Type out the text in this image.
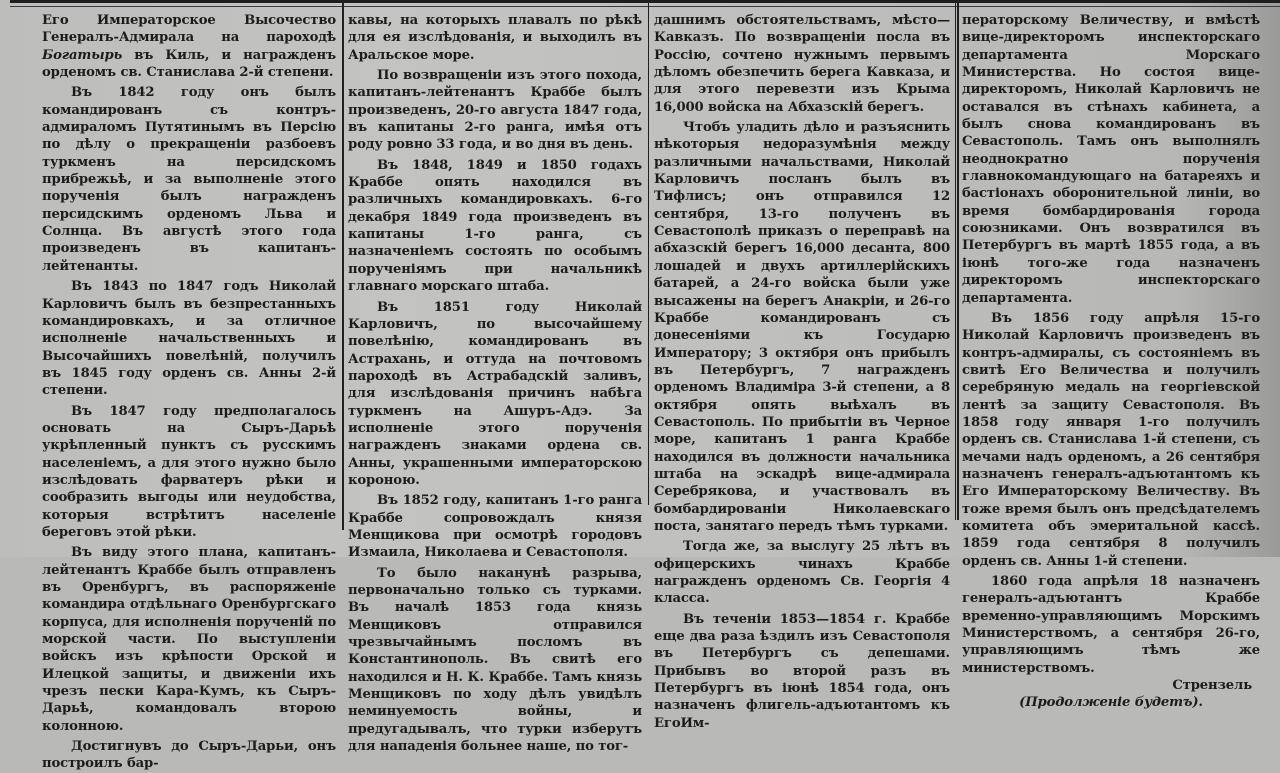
Его Императорское Высочество Генералъ-Адмирала на пароходѣ Богатырь въ Киль, и награжденъ орденомъ св. Станислава 2-й степени.

Въ 1842 году онъ былъ командированъ съ контръ-адмираломъ Путятинымъ въ Персію по дѣлу о прекращеніи разбоевъ туркменъ на персидскомъ прибрежьѣ, и за выполненіе этого порученія былъ награжденъ персидскимъ орденомъ Льва и Солнца. Въ августѣ этого года произведенъ въ капитанъ-лейтенанты.

Въ 1843 по 1847 годъ Николай Карловичъ былъ въ безпрестанныхъ командировкахъ, и за отличное исполненіе начальственныхъ и Высочайшихъ повелѣній, получилъ въ 1845 году орденъ св. Анны 2-й степени.

Въ 1847 году предполагалось основать на Сыръ-Дарьѣ укрѣпленный пунктъ съ русскимъ населеніемъ, а для этого нужно было изслѣдовать фарватеръ рѣки и сообразить выгоды или неудобства, которыя встрѣтитъ населеніе береговъ этой рѣки.

Въ виду этого плана, капитанъ-лейтенантъ Краббе былъ отправленъ въ Оренбургъ, въ распоряженіе командира отдѣльнаго Оренбургскаго корпуса, для исполненія порученій по морской части. По выступленіи войскъ изъ крѣпости Орской и Илецкой защиты, и движеніи ихъ чрезъ пески Кара-Кумъ, къ Сыръ-Дарьѣ, командовалъ второю колонною.

Достигнувъ до Сыръ-Дарьи, онъ построилъ бар-

кавы, на которыхъ плавалъ по рѣкѣ для ея изслѣдованія, и выходилъ въ Аральское море.

По возвращеніи изъ этого похода, капитанъ-лейтенантъ Краббе былъ произведенъ, 20-го августа 1847 года, въ капитаны 2-го ранга, имѣя отъ роду ровно 33 года, и во дня въ день.

Въ 1848, 1849 и 1850 годахъ Краббе опять находился въ различныхъ командировкахъ. 6-го декабря 1849 года произведенъ въ капитаны 1-го ранга, съ назначеніемъ состоять по особымъ порученіямъ при начальникѣ главнаго морскаго штаба.

Въ 1851 году Николай Карловичъ, по высочайшему повелѣнію, командированъ въ Астрахань, и оттуда на почтовомъ пароходѣ въ Астрабадскій заливъ, для изслѣдованія причинъ набѣга туркменъ на Ашуръ-Адэ. За исполненіе этого порученія награжденъ знаками ордена св. Анны, украшенными императорскою короною.

Въ 1852 году, капитанъ 1-го ранга Краббе сопровождалъ князя Менщикова при осмотрѣ городовъ Измаила, Николаева и Севастополя.

То было наканунѣ разрыва, первоначально только съ турками. Въ началѣ 1853 года князь Менщиковъ отправился чрезвычайнымъ посломъ въ Константинополь. Въ свитѣ его находился и Н. К. Краббе. Тамъ князь Менщиковъ по ходу дѣлъ увидѣлъ неминуемость войны, и предугадывалъ, что турки изберутъ для нападенія больнее наше, по тог-

дашнимъ обстоятельствамъ, мѣсто—Кавказъ. По возвращеніи посла въ Россію, сочтено нужнымъ первымъ дѣломъ обезпечить берега Кавказа, и для этого перевезти изъ Крыма 16,000 войска на Абхазскій берегъ.

Чтобъ уладить дѣло и разъяснить нѣкоторыя недоразумѣнія между различными начальствами, Николай Карловичъ посланъ былъ въ Тифлисъ; онъ отправился 12 сентября, 13-го полученъ въ Севастополѣ приказъ о переправѣ на абхазскій берегъ 16,000 десанта, 800 лошадей и двухъ артиллерійскихъ батарей, а 24-го войска были уже высажены на берегъ Анакріи, и 26-го Краббе командированъ съ донесеніями къ Государю Императору; 3 октября онъ прибылъ въ Петербургъ, 7 награжденъ орденомъ Владиміра 3-й степени, а 8 октября опять выѣхалъ въ Севастополь. По прибытіи въ Черное море, капитанъ 1 ранга Краббе находился въ должности начальника штаба на эскадрѣ вице-адмирала Серебрякова, и участвовалъ въ бомбардированіи Николаевскаго поста, занятаго передъ тѣмъ турками.

Тогда же, за выслугу 25 лѣтъ въ офицерскихъ чинахъ Краббе награжденъ орденомъ Св. Георгія 4 класса.

Въ теченіи 1853—1854 г. Краббе еще два раза ѣздилъ изъ Севастополя въ Петербургъ съ депешами. Прибывъ во второй разъ въ Петербургъ въ іюнѣ 1854 года, онъ назначенъ флигель-адъютантомъ къ ЕгоИм-

ператорскому Величеству, и вмѣстѣ вице-директоромъ инспекторскаго департамента Морскаго Министерства. Но состоя вице-директоромъ, Николай Карловичъ не оставался въ стѣнахъ кабинета, а былъ снова командированъ въ Севастополь. Тамъ онъ выполнялъ неоднократно порученія главнокомандующаго на батареяхъ и бастіонахъ оборонительной линіи, во время бомбардированія города союзниками. Онъ возвратился въ Петербургъ въ мартѣ 1855 года, а въ іюнѣ того-же года назначенъ директоромъ инспекторскаго департамента.

Въ 1856 году апрѣля 15-го Николай Карловичъ произведенъ въ контръ-адмиралы, съ состояніемъ въ свитѣ Его Величества и получилъ серебряную медаль на георгіевской лентѣ за защиту Севастополя. Въ 1858 году января 1-го получилъ орденъ св. Станислава 1-й степени, съ мечами надъ орденомъ, а 26 сентября назначенъ генералъ-адъютантомъ къ Его Императорскому Величеству. Въ тоже время былъ онъ предсѣдателемъ комитета объ эмеритальной кассѣ. 1859 года сентября 8 получилъ орденъ св. Анны 1-й степени.

1860 года апрѣля 18 назначенъ генералъ-адъютантъ Краббе временно-управляющимъ Морскимъ Министерствомъ, а сентября 26-го, управляющимъ тѣмъ же министерствомъ.

Стрензель

(Продолженіе будетъ).
